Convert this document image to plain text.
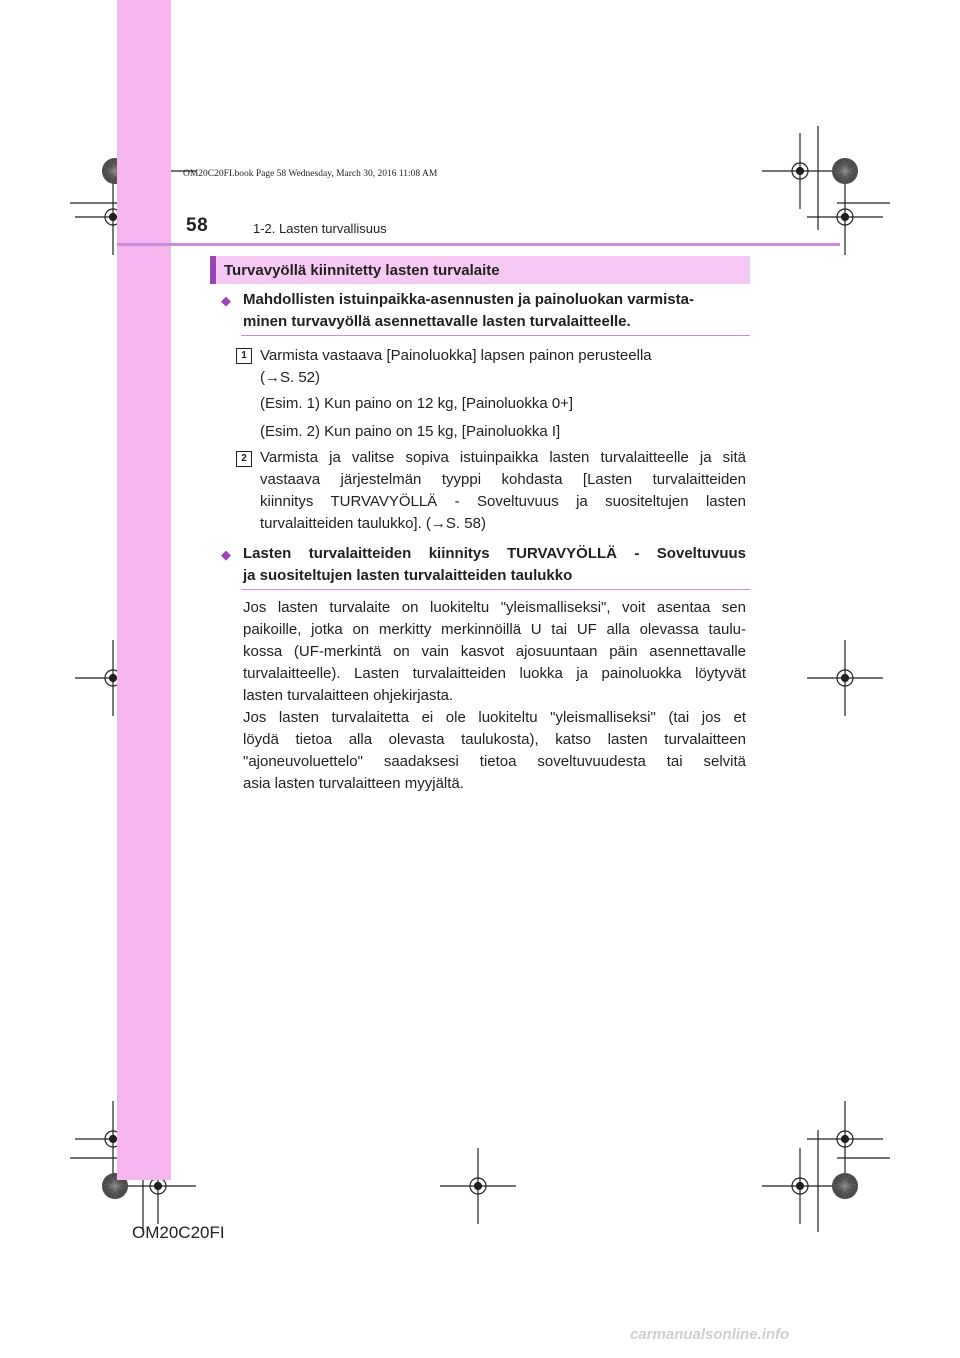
OM20C20FI.book Page 58 Wednesday, March 30, 2016 11:08 AM
58	1-2. Lasten turvallisuus
Turvavyöllä kiinnitetty lasten turvalaite
◆ Mahdollisten istuinpaikka-asennusten ja painoluokan varmista-
minen turvavyöllä asennettavalle lasten turvalaitteelle.
1 Varmista vastaava [Painoluokka] lapsen painon perusteella
(→S. 52)
(Esim. 1) Kun paino on 12 kg, [Painoluokka 0+]
(Esim. 2) Kun paino on 15 kg, [Painoluokka I]
2 Varmista ja valitse sopiva istuinpaikka lasten turvalaitteelle ja sitä
vastaava järjestelmän tyyppi kohdasta [Lasten turvalaitteiden
kiinnitys TURVAVYÖLLÄ - Soveltuvuus ja suositeltujen lasten
turvalaitteiden taulukko]. (→S. 58)
◆ Lasten turvalaitteiden kiinnitys TURVAVYÖLLÄ - Soveltuvuus
ja suositeltujen lasten turvalaitteiden taulukko
Jos lasten turvalaite on luokiteltu "yleismalliseksi", voit asentaa sen
paikoille, jotka on merkitty merkinnöillä U tai UF alla olevassa taulu-
kossa (UF-merkintä on vain kasvot ajosuuntaan päin asennettavalle
turvalaitteelle). Lasten turvalaitteiden luokka ja painoluokka löytyvät
lasten turvalaitteen ohjekirjasta.
Jos lasten turvalaitetta ei ole luokiteltu "yleismalliseksi" (tai jos et
löydä tietoa alla olevasta taulukosta), katso lasten turvalaitteen
"ajoneuvoluettelo" saadaksesi tietoa soveltuvuudesta tai selvitä
asia lasten turvalaitteen myyjältä.
OM20C20FI
carmanualsonline.info
